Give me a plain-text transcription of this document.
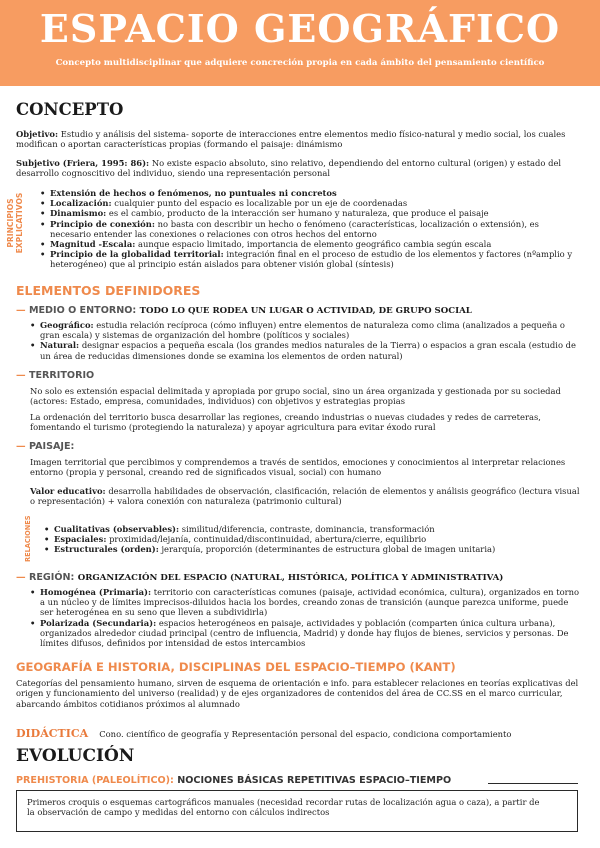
ESPACIO GEOGRÁFICO
Concepto multidisciplinar que adquiere concreción propia en cada ámbito del pensamiento científico
CONCEPTO

Objetivo: Estudio y análisis del sistema- soporte de interacciones entre elementos medio físico-natural y medio social, los cuales modifican o aportan características propias (formando el paisaje: dinámismo

Subjetivo (Friera, 1995: 86): No existe espacio absoluto, sino relativo, dependiendo del entorno cultural (origen) y estado del desarrollo cognoscitivo del individuo, siendo una representación personal

PRINCIPIOS EXPLICATIVOS	• Extensión de hechos o fenómenos, no puntuales ni concretos
• Localización: cualquier punto del espacio es localizable por un eje de coordenadas
• Dinamismo: es el cambio, producto de la interacción ser humano y naturaleza, que produce el paisaje
• Principio de conexión: no basta con describir un hecho o fenómeno (características, localización o extensión), es necesario entender las conexiones o relaciones con otros hechos del entorno
• Magnitud -Escala: aunque espacio limitado, importancia de elemento geográfico cambia según escala
• Principio de la globalidad territorial: integración final en el proceso de estudio de los elementos y factores (nºamplio y heterogéneo) que al principio están aislados para obtener visión global (síntesis)
ELEMENTOS DEFINIDORES
— MEDIO O ENTORNO: TODO LO QUE RODEA UN LUGAR O ACTIVIDAD, DE GRUPO SOCIAL
• Geográfico: estudia relación recíproca (cómo influyen) entre elementos de naturaleza como clima (analizados a pequeña o gran escala) y sistemas de organización del hombre (políticos y sociales)
• Natural: designar espacios a pequeña escala (los grandes medios naturales de la Tierra) o espacios a gran escala (estudio de un área de reducidas dimensiones donde se examina los elementos de orden natural)
— TERRITORIO

No solo es extensión espacial delimitada y apropiada por grupo social, sino un área organizada y gestionada por su sociedad (actores: Estado, empresa, comunidades, individuos) con objetivos y estrategias propias

La ordenación del territorio busca desarrollar las regiones, creando industrias o nuevas ciudades y redes de carreteras, fomentando el turismo (protegiendo la naturaleza) y apoyar agricultura para evitar éxodo rural

— PAISAJE:

Imagen territorial que percibimos y comprendemos a través de sentidos, emociones y conocimientos al interpretar relaciones entorno (propia y personal, creando red de significados visual, social) con humano

Valor educativo: desarrolla habilidades de observación, clasificación, relación de elementos y análisis geográfico (lectura visual o representación) + valora conexión con naturaleza (patrimonio cultural)

RELACIONES	• Cualitativas (observables): similitud/diferencia, contraste, dominancia, transformación
• Espaciales: proximidad/lejanía, continuidad/discontinuidad, abertura/cierre, equilibrio
• Estructurales (orden): jerarquía, proporción (determinantes de estructura global de imagen unitaria)
— REGIÓN: ORGANIZACIÓN DEL ESPACIO (NATURAL, HISTÓRICA, POLÍTICA Y ADMINISTRATIVA)
• Homogénea (Primaria): territorio con características comunes (paisaje, actividad económica, cultura), organizados en torno a un núcleo y de límites imprecisos-diluidos hacia los bordes, creando zonas de transición (aunque parezca uniforme, puede ser heterogénea en su seno que lleven a subdividirla)
• Polarizada (Secundaria): espacios heterogéneos en paisaje, actividades y población (comparten única cultura urbana), organizados alrededor ciudad principal (centro de influencia, Madrid) y donde hay flujos de bienes, servicios y personas. De límites difusos, definidos por intensidad de estos intercambios
GEOGRAFÍA E HISTORIA, DISCIPLINAS DEL ESPACIO–TIEMPO (KANT)

Categorías del pensamiento humano, sirven de esquema de orientación e info. para establecer relaciones en teorías explicativas del origen y funcionamiento del universo (realidad) y de ejes organizadores de contenidos del área de CC.SS en el marco curricular, abarcando ámbitos cotidianos próximos al alumnado

DIDÁCTICA Cono. científico de geografía y Representación personal del espacio, condiciona comportamiento
EVOLUCIÓN
PREHISTORIA (PALEOLÍTICO): NOCIONES BÁSICAS REPETITIVAS ESPACIO–TIEMPO

Primeros croquis o esquemas cartográficos manuales (necesidad recordar rutas de localización agua o caza), a partir de la observación de campo y medidas del entorno con cálculos indirectos
